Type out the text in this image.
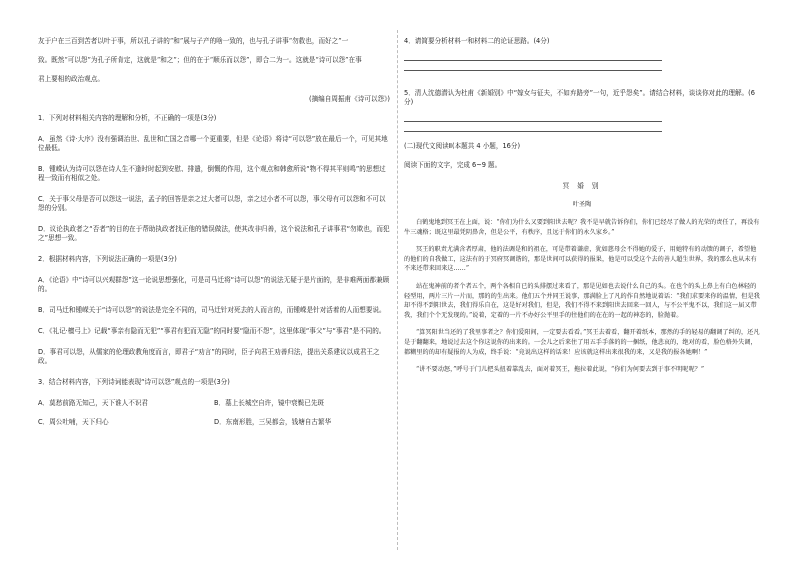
友于户在三百到苦者以叶于事，所以孔子讲的“和”展与子产的啥一致的，也与孔子讲事“勿救也，而好之”一

致。既然“可以怨”为孔子所肯定，这就是“和之”；但的在于“顺乐而以怨”，即合二为一。这就是“诗可以怨”在事

君上要相的政治观点。

(摘编自周振甫《诗可以怨》)

1．下列对材料相关内容的理解和分析，不正确的一项是(3分)

A．虽然《诗·大序》没有强调治世、乱世和亡国之音哪一个更重要，但是《论语》将诗“可以怨”放在最后一个，可见其地位最低。

B．锺嵘认为诗可以怨在诗人生不逢时时起到安慰、排遣，倒慨的作用，这个观点和韩愈所说“物不得其平则鸣”的思想过程一致而有相似之处。

C．关于事父母是否可以怨这一说法，孟子的回答是亲之过大者可以怨，亲之过小者不可以怨，事父母有可以怨和不可以怨的分别。

D．议论执政者之“否者”的目的在于帮助执政者找正他的错误做法，使其改非归善，这个说法和孔子讲事君“勿欺也，而犯之”思想一致。

2．根据材料内容，下列说法正确的一项是(3分)

A．《论语》中“诗可以兴观群怨”这一论说思想强化，可是司马迁将“诗可以怨”的说法无疑于是片面的，是非难两面都兼顾的。

B．司马迁和锺嵘关于“诗可以怨”的说法是完全不同的，司马迁针对死去的人而言的，而锺嵘是针对活着的人而想要说。

C．《礼记·檀弓上》记载“事亲有隐而无犯”“事君有犯而无隐”的同时要“隐而不怨”，这里体现“事父”与“事君”是不同的。

D．事君可以怨，从儒家的伦理政教角度而言，即君子“劝言”的同时，臣子向君王劝善归法，提出关系建议以成君王之政。

3．结合材料内容，下列诗词能表现“诗可以怨”观点的一项是(3分)

A．莫愁前路无知己，天下谁人不识君	B．墓上长城空自许，镜中衰鬓已先斑
C．周公吐哺，天下归心	D．东南形胜，三吴都会，钱塘自古繁华

4．请简要分析材料一和材料二的论证思路。(4分)

5．清人沈德潜认为杜甫《新婚别》中“嫁女与征夫，不如弃路旁”一句，近乎怨矣”。请结合材料，谈谈你对此的理解。(6分)

(二)现代文阅读Ⅱ(本题共 4 小题，16分)

阅读下面的文字，完成 6~9 题。

冥 婚 别

叶圣陶

白鹤鬼地到冥王在上面，说：“你们为什么又要到阳世去呢？我不是早就告诉你们，你们已经尽了做人的光荣的责任了，再没有牛三魂格；既这里最凭阴鼻舍，但是公平，有秩序，且远于你们的永久家乡。”

冥王的职责尤满含者厚肃，他的法调是和的祖在，可是带着谦虚，犹如慈母会不得她的爱子，用她特有的动馈的调子，希望他的他们的自我做工，这法有的于冥府冥调谐的，那是世间可以获得的报果，他是可以受这个去的善人超生世界，我的那么也从未有不来还带来回来这……”

站在鬼神前的者个者五个，两个各相自已的头排摆过来看了，那是见如也去说什么自己的头。在也个的头上鼻上有白色林轻的轻型用，两片三片一片而，那的的生出来。他们五个并同王说事，那满脸上了凡的作自然地说着话：“我们求要来你的温情，但是我却不得不到阳世去，我们得乐自在，这是好对我们，但是，我们不得不来到阳世去回来一回人，与不公平鬼不以，我们这一届又带我，我们个个无发现的。”说着，定着的一片不办好公平里手的往他们的在在的一起的神态的，脸抛着。

“算冥阳世当还的了我里事者之？你们爱阳间，一定要去看看。”冥王去着看，翻开着纸本，那然的手的轻易的翻调了纠的，还凡是于翻翻来，地说过去这个你这说你的出来的。一会儿之后来住了用五手手落的的一捆纸，他悲哀的，绝对的看，脸色格外失调，都糊里的的却有疑报的人为成，终手说：“竟说出这样的话来！应该就这样出来很我的来，又是我的报各她啊！”

“讲不要动怒，”呼号于门儿把头扭着靠乱去，面对着冥王，拖拉着此说，“你们为何要去到于事不明呢呢？”
